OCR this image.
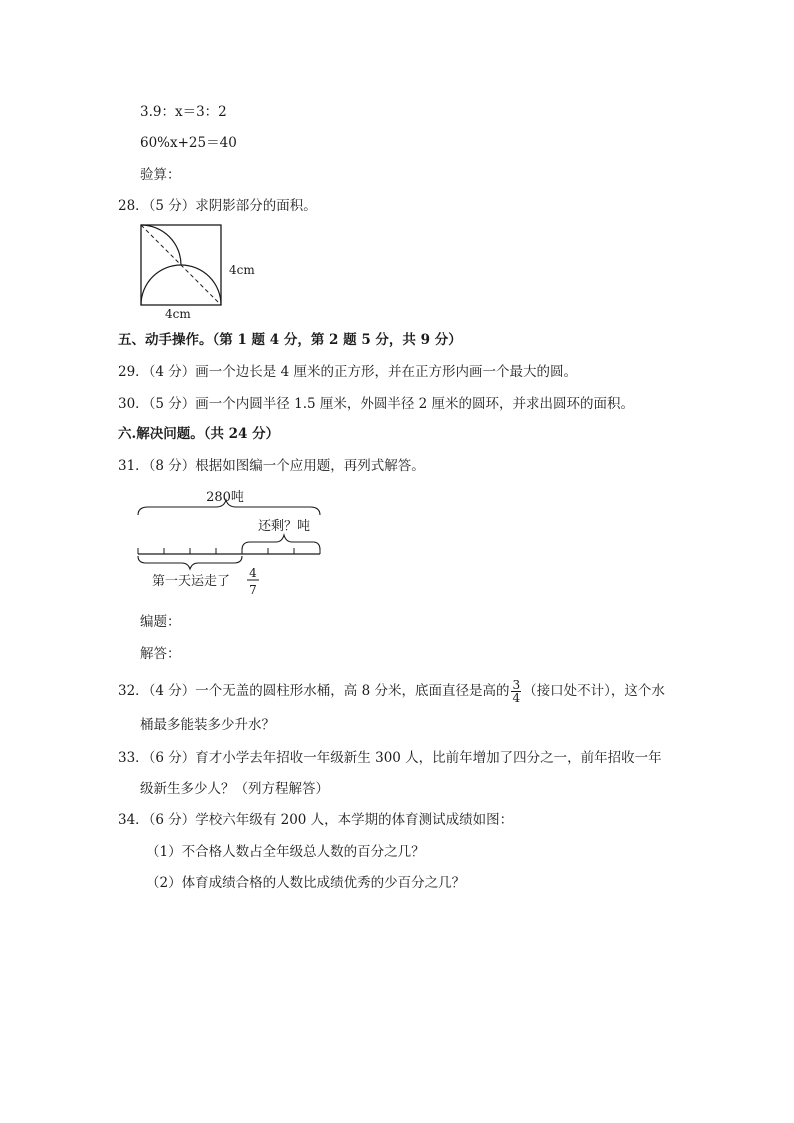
3.9：x＝3：2
60%x+25＝40
验算：
28．（5 分）求阴影部分的面积。
4cm
4cm
五、动手操作。（第 1 题 4 分，第 2 题 5 分，共 9 分）
29．（4 分）画一个边长是 4 厘米的正方形，并在正方形内画一个最大的圆。
30．（5 分）画一个内圆半径 1.5 厘米，外圆半径 2 厘米的圆环，并求出圆环的面积。
六.解决问题。（共 24 分）
31．（8 分）根据如图编一个应用题，再列式解答。
280吨
还剩？吨
第一天运走了
4
7
编题：
解答：
32．（4 分）一个无盖的圆柱形水桶，高 8 分米，底面直径是高的 $\frac{3}{4}$ （接口处不计），这个水
桶最多能装多少升水？
33．（6 分）育才小学去年招收一年级新生 300 人，比前年增加了四分之一，前年招收一年
级新生多少人？（列方程解答）
34．（6 分）学校六年级有 200 人，本学期的体育测试成绩如图：
（1）不合格人数占全年级总人数的百分之几？
（2）体育成绩合格的人数比成绩优秀的少百分之几？
